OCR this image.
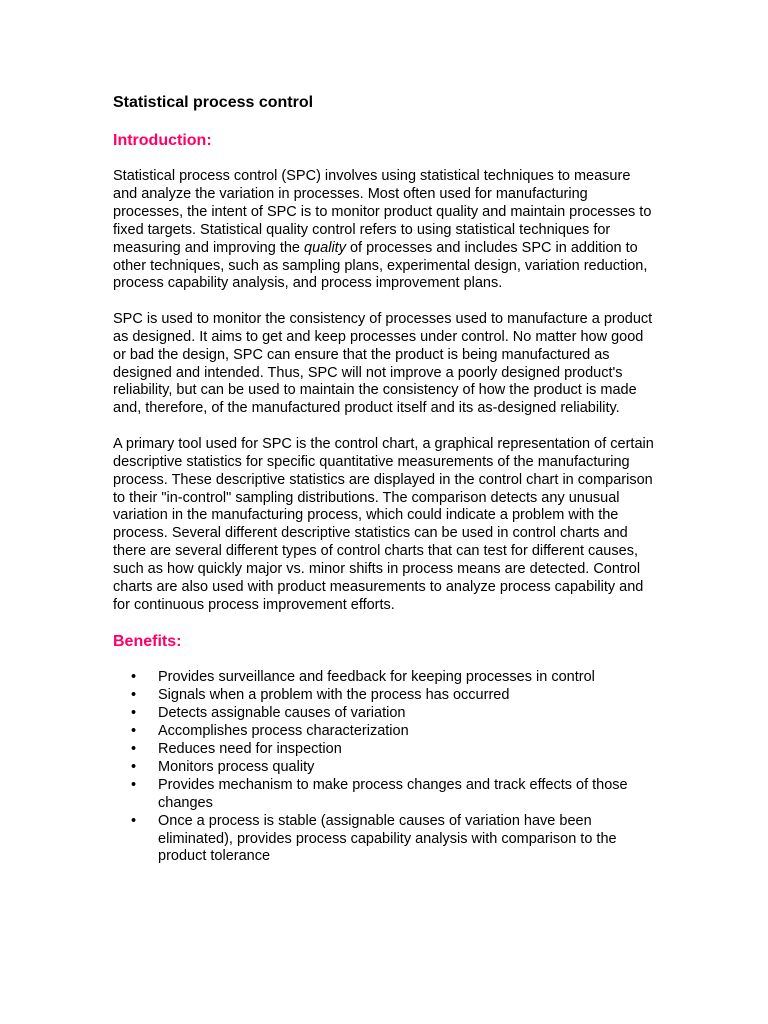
Statistical process control
Introduction:

Statistical process control (SPC) involves using statistical techniques to measure and analyze the variation in processes. Most often used for manufacturing processes, the intent of SPC is to monitor product quality and maintain processes to fixed targets. Statistical quality control refers to using statistical techniques for measuring and improving the quality of processes and includes SPC in addition to other techniques, such as sampling plans, experimental design, variation reduction, process capability analysis, and process improvement plans.

SPC is used to monitor the consistency of processes used to manufacture a product as designed. It aims to get and keep processes under control. No matter how good or bad the design, SPC can ensure that the product is being manufactured as designed and intended. Thus, SPC will not improve a poorly designed product's reliability, but can be used to maintain the consistency of how the product is made and, therefore, of the manufactured product itself and its as-designed reliability.

A primary tool used for SPC is the control chart, a graphical representation of certain descriptive statistics for specific quantitative measurements of the manufacturing process. These descriptive statistics are displayed in the control chart in comparison to their "in-control" sampling distributions. The comparison detects any unusual variation in the manufacturing process, which could indicate a problem with the process. Several different descriptive statistics can be used in control charts and there are several different types of control charts that can test for different causes, such as how quickly major vs. minor shifts in process means are detected. Control charts are also used with product measurements to analyze process capability and for continuous process improvement efforts.

Benefits:
• Provides surveillance and feedback for keeping processes in control
• Signals when a problem with the process has occurred
• Detects assignable causes of variation
• Accomplishes process characterization
• Reduces need for inspection
• Monitors process quality
• Provides mechanism to make process changes and track effects of those changes
• Once a process is stable (assignable causes of variation have been eliminated), provides process capability analysis with comparison to the product tolerance
